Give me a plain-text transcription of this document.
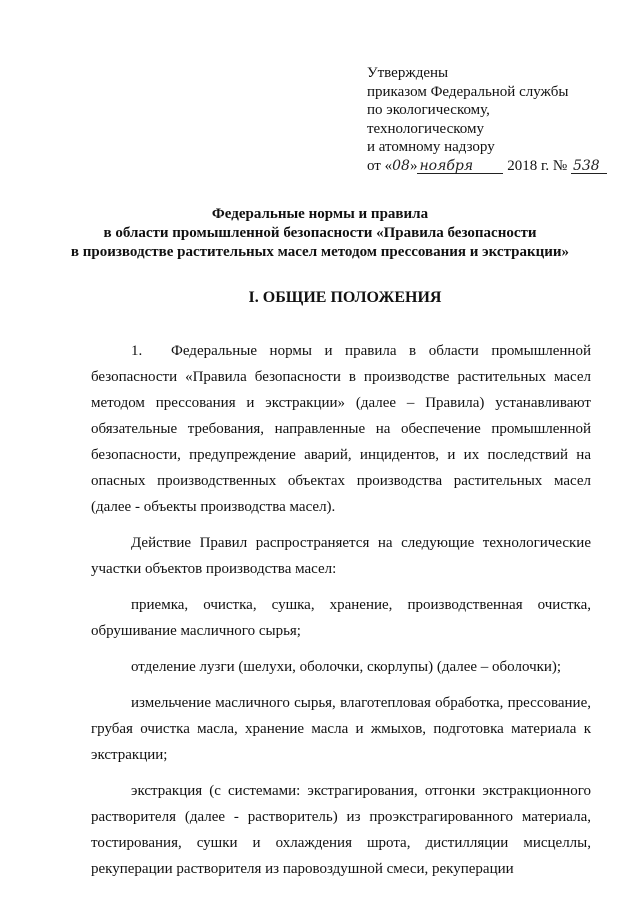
Утверждены
приказом Федеральной службы
по экологическому,
технологическому
и атомному надзору
от «08» ноября 2018 г. № 538
Федеральные нормы и правила
в области промышленной безопасности «Правила безопасности
в производстве растительных масел методом прессования и экстракции»
I. ОБЩИЕ ПОЛОЖЕНИЯ

1. Федеральные нормы и правила в области промышленной безопасности «Правила безопасности в производстве растительных масел методом прессования и экстракции» (далее – Правила) устанавливают обязательные требования, направленные на обеспечение промышленной безопасности, предупреждение аварий, инцидентов, и их последствий на опасных производственных объектах производства растительных масел (далее - объекты производства масел).

Действие Правил распространяется на следующие технологические участки объектов производства масел:

приемка, очистка, сушка, хранение, производственная очистка, обрушивание масличного сырья;

отделение лузги (шелухи, оболочки, скорлупы) (далее – оболочки);

измельчение масличного сырья, влаготепловая обработка, прессование, грубая очистка масла, хранение масла и жмыхов, подготовка материала к экстракции;

экстракция (с системами: экстрагирования, отгонки экстракционного растворителя (далее - растворитель) из проэкстрагированного материала, тостирования, сушки и охлаждения шрота, дистилляции мисцеллы, рекуперации растворителя из паровоздушной смеси, рекуперации
